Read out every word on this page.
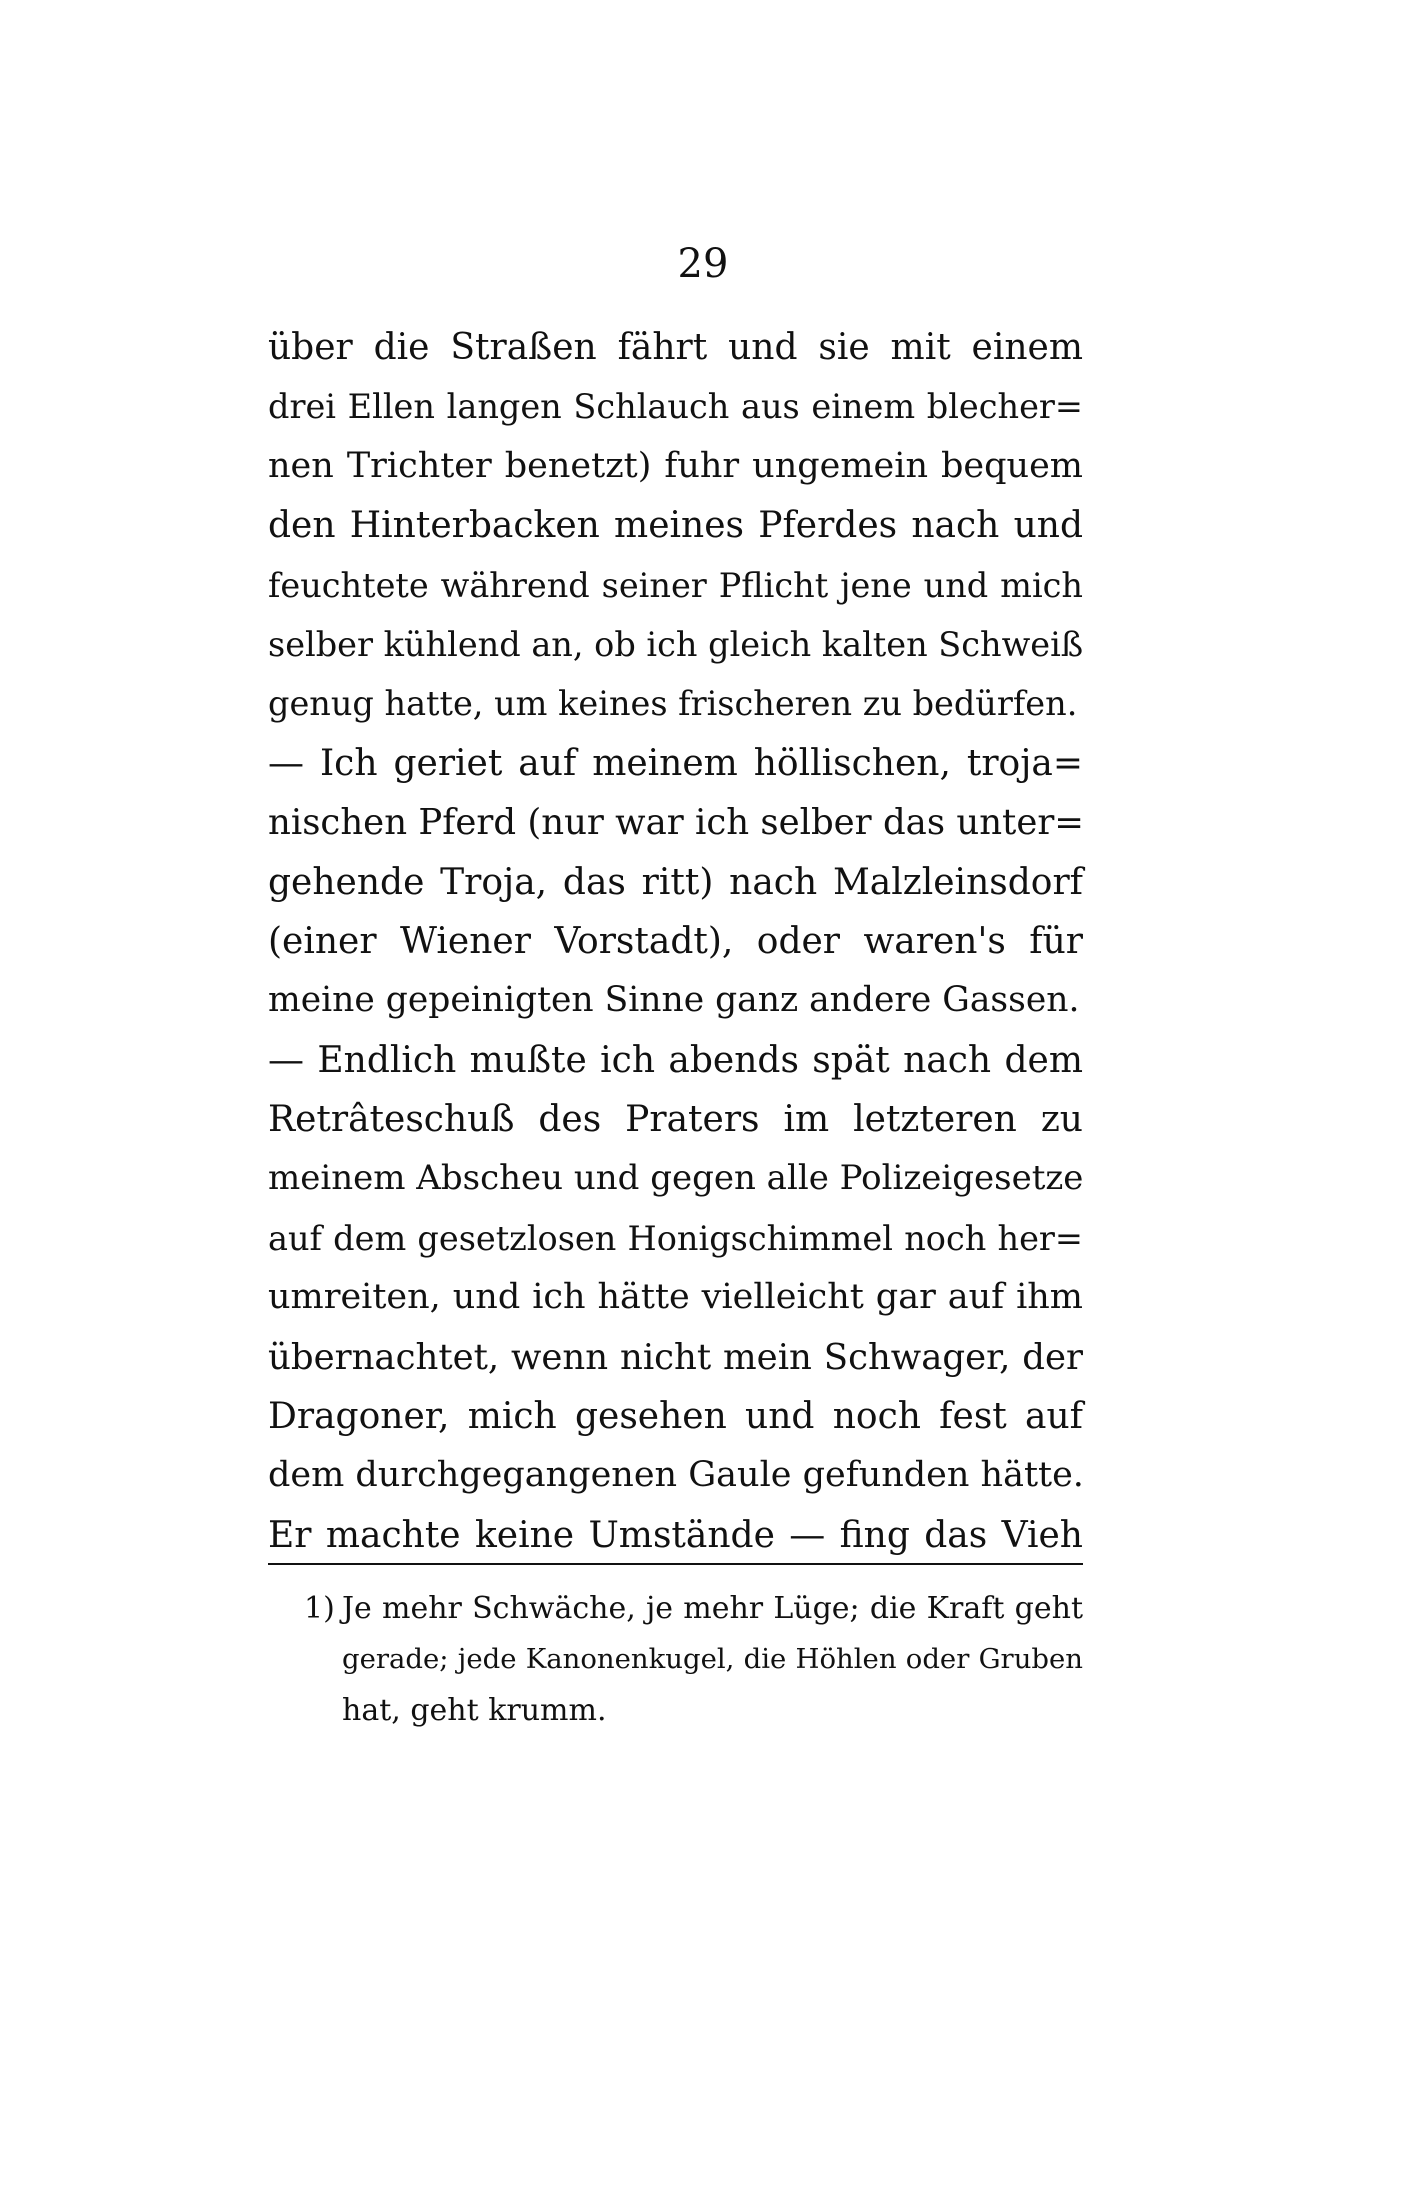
29
über die Straßen fährt und sie mit einem
drei Ellen langen Schlauch aus einem blecher=
nen Trichter benetzt) fuhr ungemein bequem
den Hinterbacken meines Pferdes nach und
feuchtete während seiner Pflicht jene und mich
selber kühlend an, ob ich gleich kalten Schweiß
genug hatte, um keines frischeren zu bedürfen.
— Ich geriet auf meinem höllischen, troja=
nischen Pferd (nur war ich selber das unter=
gehende Troja, das ritt) nach Malzleinsdorf
(einer Wiener Vorstadt), oder waren's für
meine gepeinigten Sinne ganz andere Gassen.
— Endlich mußte ich abends spät nach dem
Retrâteschuß des Praters im letzteren zu
meinem Abscheu und gegen alle Polizeigesetze
auf dem gesetzlosen Honigschimmel noch her=
umreiten, und ich hätte vielleicht gar auf ihm
übernachtet, wenn nicht mein Schwager, der
Dragoner, mich gesehen und noch fest auf
dem durchgegangenen Gaule gefunden hätte.
Er machte keine Umstände — fing das Vieh
1) Je mehr Schwäche, je mehr Lüge; die Kraft geht
gerade; jede Kanonenkugel, die Höhlen oder Gruben
hat, geht krumm.
